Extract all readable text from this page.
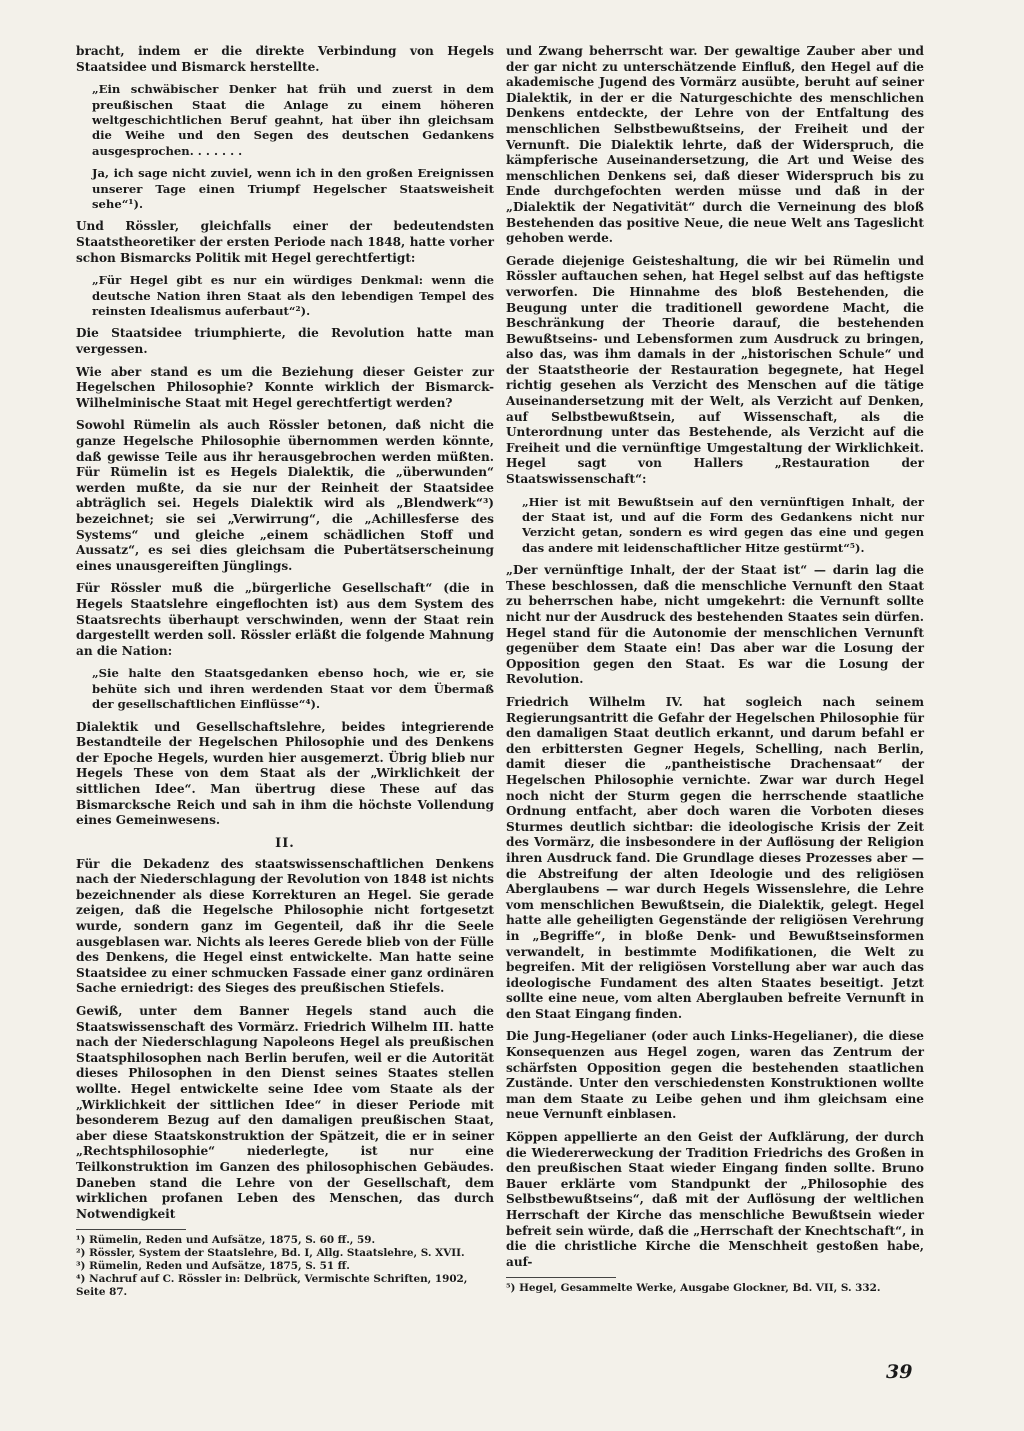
bracht, indem er die direkte Verbindung von Hegels Staatsidee und Bismarck herstellte.

„Ein schwäbischer Denker hat früh und zuerst in dem preußischen Staat die Anlage zu einem höheren weltgeschichtlichen Beruf geahnt, hat über ihn gleichsam die Weihe und den Segen des deutschen Gedankens ausgesprochen. . . . . . .

Ja, ich sage nicht zuviel, wenn ich in den großen Ereignissen unserer Tage einen Triumpf Hegelscher Staatsweisheit sehe“¹).

Und Rössler, gleichfalls einer der bedeutendsten Staatstheoretiker der ersten Periode nach 1848, hatte vorher schon Bismarcks Politik mit Hegel gerechtfertigt:

„Für Hegel gibt es nur ein würdiges Denkmal: wenn die deutsche Nation ihren Staat als den lebendigen Tempel des reinsten Idealismus auferbaut“²).

Die Staatsidee triumphierte, die Revolution hatte man vergessen.

Wie aber stand es um die Beziehung dieser Geister zur Hegelschen Philosophie? Konnte wirklich der Bismarck-Wilhelminische Staat mit Hegel gerechtfertigt werden?

Sowohl Rümelin als auch Rössler betonen, daß nicht die ganze Hegelsche Philosophie übernommen werden könnte, daß gewisse Teile aus ihr herausgebrochen werden müßten. Für Rümelin ist es Hegels Dialektik, die „überwunden“ werden mußte, da sie nur der Reinheit der Staatsidee abträglich sei. Hegels Dialektik wird als „Blendwerk“³) bezeichnet; sie sei „Verwirrung“, die „Achillesferse des Systems“ und gleiche „einem schädlichen Stoff und Aussatz“, es sei dies gleichsam die Pubertätserscheinung eines unausgereiften Jünglings.

Für Rössler muß die „bürgerliche Gesellschaft“ (die in Hegels Staatslehre eingeflochten ist) aus dem System des Staatsrechts überhaupt verschwinden, wenn der Staat rein dargestellt werden soll. Rössler erläßt die folgende Mahnung an die Nation:

„Sie halte den Staatsgedanken ebenso hoch, wie er, sie behüte sich und ihren werdenden Staat vor dem Übermaß der gesellschaftlichen Einflüsse“⁴).

Dialektik und Gesellschaftslehre, beides integrierende Bestandteile der Hegelschen Philosophie und des Denkens der Epoche Hegels, wurden hier ausgemerzt. Übrig blieb nur Hegels These von dem Staat als der „Wirklichkeit der sittlichen Idee“. Man übertrug diese These auf das Bismarcksche Reich und sah in ihm die höchste Vollendung eines Gemeinwesens.

II.

Für die Dekadenz des staatswissenschaftlichen Denkens nach der Niederschlagung der Revolution von 1848 ist nichts bezeichnender als diese Korrekturen an Hegel. Sie gerade zeigen, daß die Hegelsche Philosophie nicht fortgesetzt wurde, sondern ganz im Gegenteil, daß ihr die Seele ausgeblasen war. Nichts als leeres Gerede blieb von der Fülle des Denkens, die Hegel einst entwickelte. Man hatte seine Staatsidee zu einer schmucken Fassade einer ganz ordinären Sache erniedrigt: des Sieges des preußischen Stiefels.

Gewiß, unter dem Banner Hegels stand auch die Staatswissenschaft des Vormärz. Friedrich Wilhelm III. hatte nach der Niederschlagung Napoleons Hegel als preußischen Staatsphilosophen nach Berlin berufen, weil er die Autorität dieses Philosophen in den Dienst seines Staates stellen wollte. Hegel entwickelte seine Idee vom Staate als der „Wirklichkeit der sittlichen Idee“ in dieser Periode mit besonderem Bezug auf den damaligen preußischen Staat, aber diese Staatskonstruktion der Spätzeit, die er in seiner „Rechtsphilosophie“ niederlegte, ist nur eine Teilkonstruktion im Ganzen des philosophischen Gebäudes. Daneben stand die Lehre von der Gesellschaft, dem wirklichen profanen Leben des Menschen, das durch Notwendigkeit

¹) Rümelin, Reden und Aufsätze, 1875, S. 60 ff., 59.

²) Rössler, System der Staatslehre, Bd. I, Allg. Staatslehre, S. XVII.

³) Rümelin, Reden und Aufsätze, 1875, S. 51 ff.

⁴) Nachruf auf C. Rössler in: Delbrück, Vermischte Schriften, 1902, Seite 87.

und Zwang beherrscht war. Der gewaltige Zauber aber und der gar nicht zu unterschätzende Einfluß, den Hegel auf die akademische Jugend des Vormärz ausübte, beruht auf seiner Dialektik, in der er die Naturgeschichte des menschlichen Denkens entdeckte, der Lehre von der Entfaltung des menschlichen Selbstbewußtseins, der Freiheit und der Vernunft. Die Dialektik lehrte, daß der Widerspruch, die kämpferische Auseinandersetzung, die Art und Weise des menschlichen Denkens sei, daß dieser Widerspruch bis zu Ende durchgefochten werden müsse und daß in der „Dialektik der Negativität“ durch die Verneinung des bloß Bestehenden das positive Neue, die neue Welt ans Tageslicht gehoben werde.

Gerade diejenige Geisteshaltung, die wir bei Rümelin und Rössler auftauchen sehen, hat Hegel selbst auf das heftigste verworfen. Die Hinnahme des bloß Bestehenden, die Beugung unter die traditionell gewordene Macht, die Beschränkung der Theorie darauf, die bestehenden Bewußtseins- und Lebensformen zum Ausdruck zu bringen, also das, was ihm damals in der „historischen Schule“ und der Staatstheorie der Restauration begegnete, hat Hegel richtig gesehen als Verzicht des Menschen auf die tätige Auseinandersetzung mit der Welt, als Verzicht auf Denken, auf Selbstbewußtsein, auf Wissenschaft, als die Unterordnung unter das Bestehende, als Verzicht auf die Freiheit und die vernünftige Umgestaltung der Wirklichkeit. Hegel sagt von Hallers „Restauration der Staatswissenschaft“:

„Hier ist mit Bewußtsein auf den vernünftigen Inhalt, der der Staat ist, und auf die Form des Gedankens nicht nur Verzicht getan, sondern es wird gegen das eine und gegen das andere mit leidenschaftlicher Hitze gestürmt“⁵).

„Der vernünftige Inhalt, der der Staat ist“ — darin lag die These beschlossen, daß die menschliche Vernunft den Staat zu beherrschen habe, nicht umgekehrt: die Vernunft sollte nicht nur der Ausdruck des bestehenden Staates sein dürfen. Hegel stand für die Autonomie der menschlichen Vernunft gegenüber dem Staate ein! Das aber war die Losung der Opposition gegen den Staat. Es war die Losung der Revolution.

Friedrich Wilhelm IV. hat sogleich nach seinem Regierungsantritt die Gefahr der Hegelschen Philosophie für den damaligen Staat deutlich erkannt, und darum befahl er den erbittersten Gegner Hegels, Schelling, nach Berlin, damit dieser die „pantheistische Drachensaat“ der Hegelschen Philosophie vernichte. Zwar war durch Hegel noch nicht der Sturm gegen die herrschende staatliche Ordnung entfacht, aber doch waren die Vorboten dieses Sturmes deutlich sichtbar: die ideologische Krisis der Zeit des Vormärz, die insbesondere in der Auflösung der Religion ihren Ausdruck fand. Die Grundlage dieses Prozesses aber — die Abstreifung der alten Ideologie und des religiösen Aberglaubens — war durch Hegels Wissenslehre, die Lehre vom menschlichen Bewußtsein, die Dialektik, gelegt. Hegel hatte alle geheiligten Gegenstände der religiösen Verehrung in „Begriffe“, in bloße Denk- und Bewußtseinsformen verwandelt, in bestimmte Modifikationen, die Welt zu begreifen. Mit der religiösen Vorstellung aber war auch das ideologische Fundament des alten Staates beseitigt. Jetzt sollte eine neue, vom alten Aberglauben befreite Vernunft in den Staat Eingang finden.

Die Jung-Hegelianer (oder auch Links-Hegelianer), die diese Konsequenzen aus Hegel zogen, waren das Zentrum der schärfsten Opposition gegen die bestehenden staatlichen Zustände. Unter den verschiedensten Konstruktionen wollte man dem Staate zu Leibe gehen und ihm gleichsam eine neue Vernunft einblasen.

Köppen appellierte an den Geist der Aufklärung, der durch die Wiedererweckung der Tradition Friedrichs des Großen in den preußischen Staat wieder Eingang finden sollte. Bruno Bauer erklärte vom Standpunkt der „Philosophie des Selbstbewußtseins“, daß mit der Auflösung der weltlichen Herrschaft der Kirche das menschliche Bewußtsein wieder befreit sein würde, daß die „Herrschaft der Knechtschaft“, in die die christliche Kirche die Menschheit gestoßen habe, auf-

⁵) Hegel, Gesammelte Werke, Ausgabe Glockner, Bd. VII, S. 332.

39
